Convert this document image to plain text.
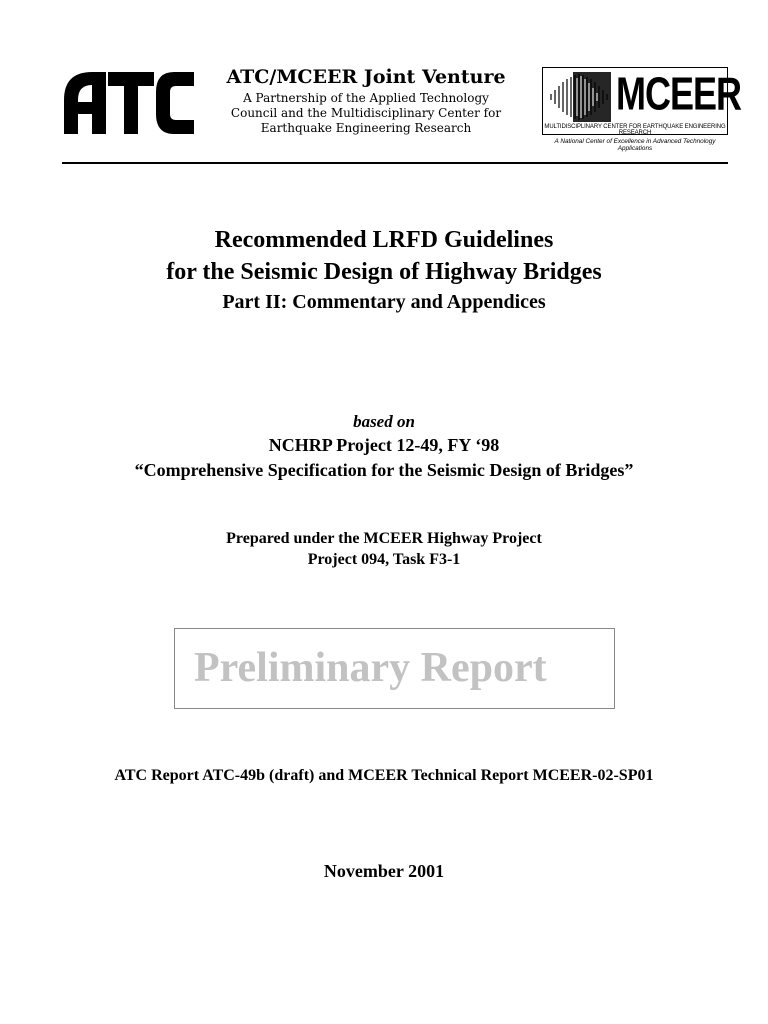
ATC/MCEER Joint Venture
A Partnership of the Applied Technology
Council and the Multidisciplinary Center for
Earthquake Engineering Research
MCEER
MULTIDISCIPLINARY CENTER FOR EARTHQUAKE ENGINEERING RESEARCH
A National Center of Excellence in Advanced Technology Applications
Recommended LRFD Guidelines
for the Seismic Design of Highway Bridges
Part II: Commentary and Appendices
based on
NCHRP Project 12-49, FY ‘98
“Comprehensive Specification for the Seismic Design of Bridges”
Prepared under the MCEER Highway Project
Project 094, Task F3-1
Preliminary Report
ATC Report ATC-49b (draft) and MCEER Technical Report MCEER-02-SP01
November 2001
